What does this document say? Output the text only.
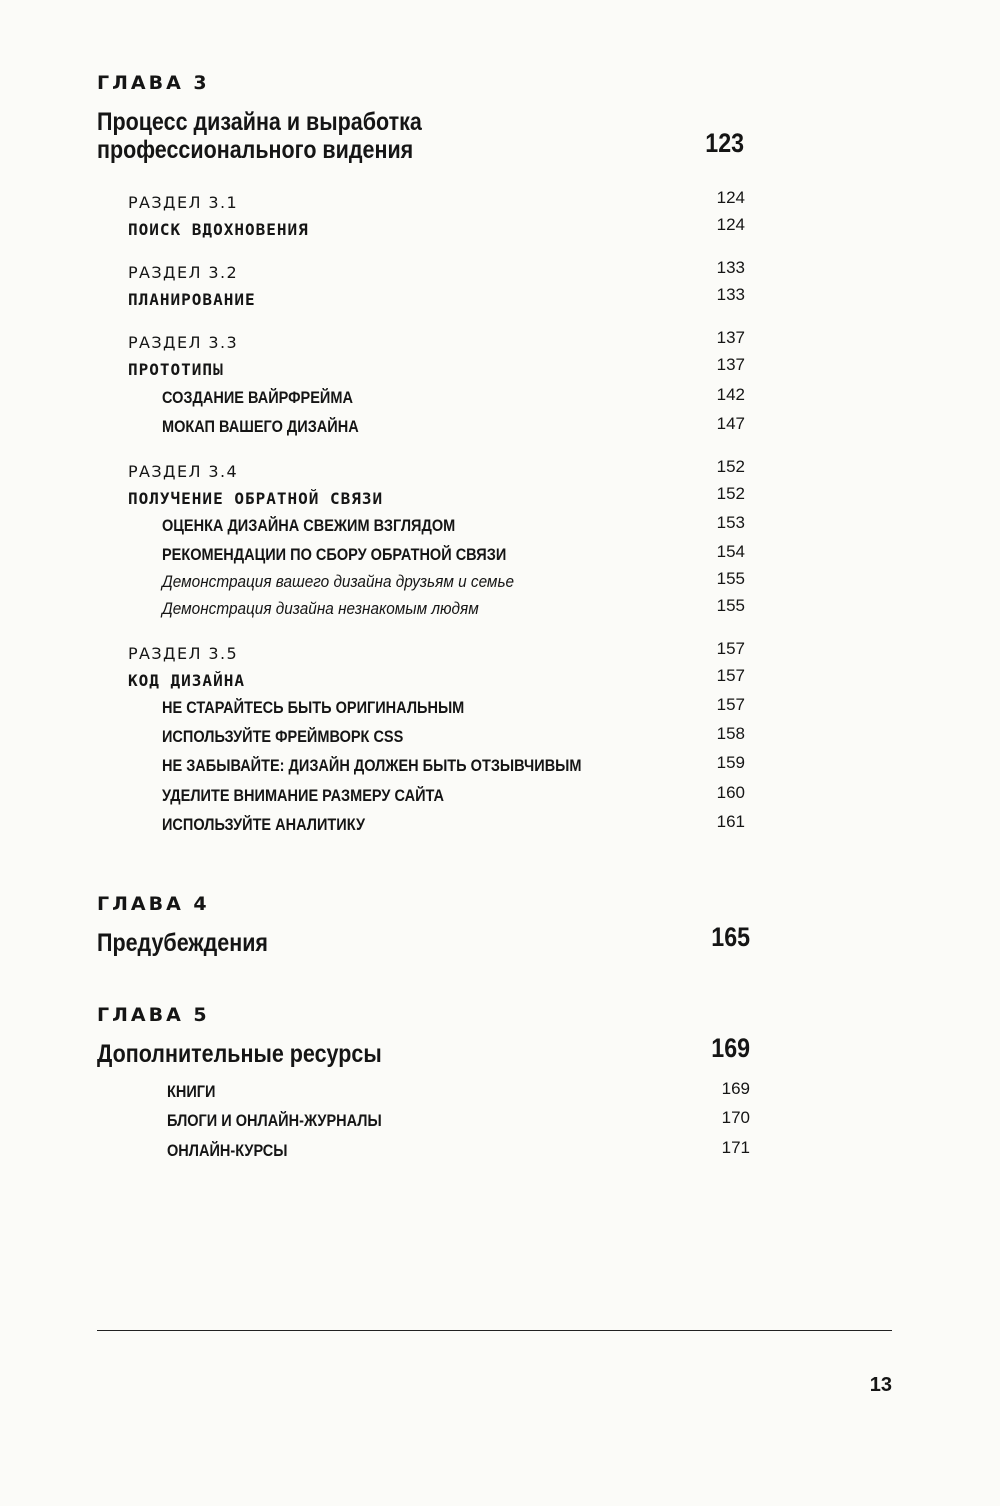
ГЛАВА 3
Процесс дизайна и выработка
профессионального видения	123
РАЗДЕЛ 3.1	124
ПОИСК ВДОХНОВЕНИЯ	124
РАЗДЕЛ 3.2	133
ПЛАНИРОВАНИЕ	133
РАЗДЕЛ 3.3	137
ПРОТОТИПЫ	137
СОЗДАНИЕ ВАЙРФРЕЙМА	142
МОКАП ВАШЕГО ДИЗАЙНА	147
РАЗДЕЛ 3.4	152
ПОЛУЧЕНИЕ ОБРАТНОЙ СВЯЗИ	152
ОЦЕНКА ДИЗАЙНА СВЕЖИМ ВЗГЛЯДОМ	153
РЕКОМЕНДАЦИИ ПО СБОРУ ОБРАТНОЙ СВЯЗИ	154
Демонстрация вашего дизайна друзьям и семье	155
Демонстрация дизайна незнакомым людям	155
РАЗДЕЛ 3.5	157
КОД ДИЗАЙНА	157
НЕ СТАРАЙТЕСЬ БЫТЬ ОРИГИНАЛЬНЫМ	157
ИСПОЛЬЗУЙТЕ ФРЕЙМВОРК CSS	158
НЕ ЗАБЫВАЙТЕ: ДИЗАЙН ДОЛЖЕН БЫТЬ ОТЗЫВЧИВЫМ	159
УДЕЛИТЕ ВНИМАНИЕ РАЗМЕРУ САЙТА	160
ИСПОЛЬЗУЙТЕ АНАЛИТИКУ	161
ГЛАВА 4
Предубеждения	165
ГЛАВА 5
Дополнительные ресурсы	169
КНИГИ	169
БЛОГИ И ОНЛАЙН-ЖУРНАЛЫ	170
ОНЛАЙН-КУРСЫ	171
13
